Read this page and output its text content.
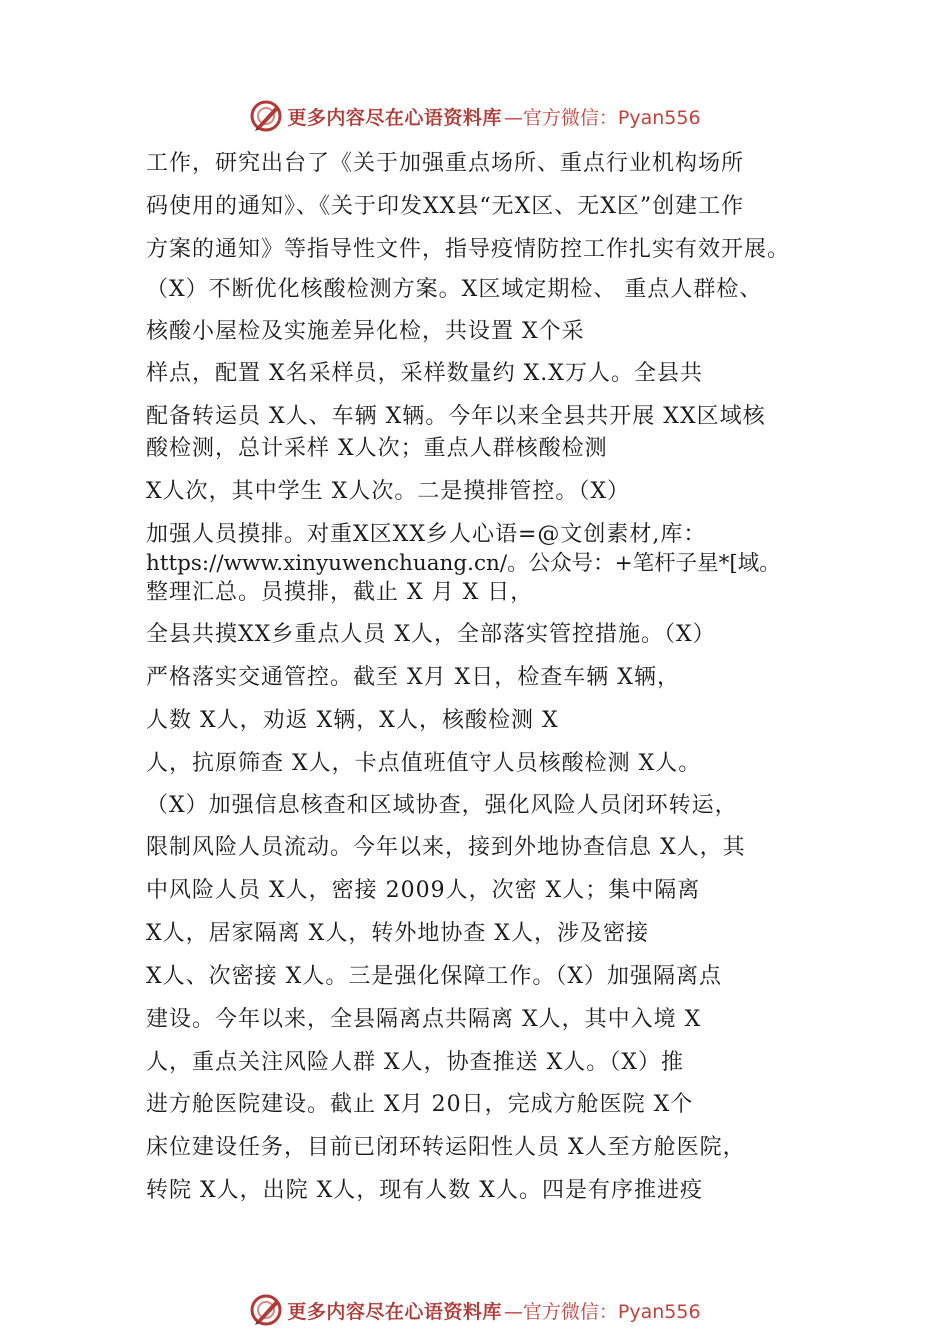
更多内容尽在心语资料库 —官方微信：Pyan556
工作，研究出台了《关于加强重点场所、重点行业机构场所
码使用的通知》、《关于印发XX县“无X区、无X区”创建工作
方案的通知》等指导性文件，指导疫情防控工作扎实有效开展。
（X）不断优化核酸检测方案。X区域定期检、 重点人群检、
核酸小屋检及实施差异化检，共设置 X个采
样点，配置 X名采样员，采样数量约 X.X万人。全县共
配备转运员 X人、车辆 X辆。今年以来全县共开展 XX区域核
酸检测，总计采样 X人次；重点人群核酸检测
X人次，其中学生 X人次。二是摸排管控。（X）
加强人员摸排。对重X区XX乡人心语=@文创素材,库：
https://www.xinyuwenchuang.cn/。公众号：+笔杆子星*[域。
整理汇总。员摸排，截止 X 月 X 日，
全县共摸XX乡重点人员 X人，全部落实管控措施。（X）
严格落实交通管控。截至 X月 X日，检查车辆 X辆，
人数 X人，劝返 X辆，X人，核酸检测 X
人，抗原筛查 X人，卡点值班值守人员核酸检测 X人。
（X）加强信息核查和区域协查，强化风险人员闭环转运，
限制风险人员流动。今年以来，接到外地协查信息 X人，其
中风险人员 X人，密接 2009人，次密 X人；集中隔离
X人，居家隔离 X人，转外地协查 X人，涉及密接
X人、次密接 X人。三是强化保障工作。（X）加强隔离点
建设。今年以来，全县隔离点共隔离 X人，其中入境 X
人，重点关注风险人群 X人，协查推送 X人。（X）推
进方舱医院建设。截止 X月 20日，完成方舱医院 X个
床位建设任务，目前已闭环转运阳性人员 X人至方舱医院，
转院 X人，出院 X人，现有人数 X人。四是有序推进疫
更多内容尽在心语资料库 —官方微信：Pyan556
